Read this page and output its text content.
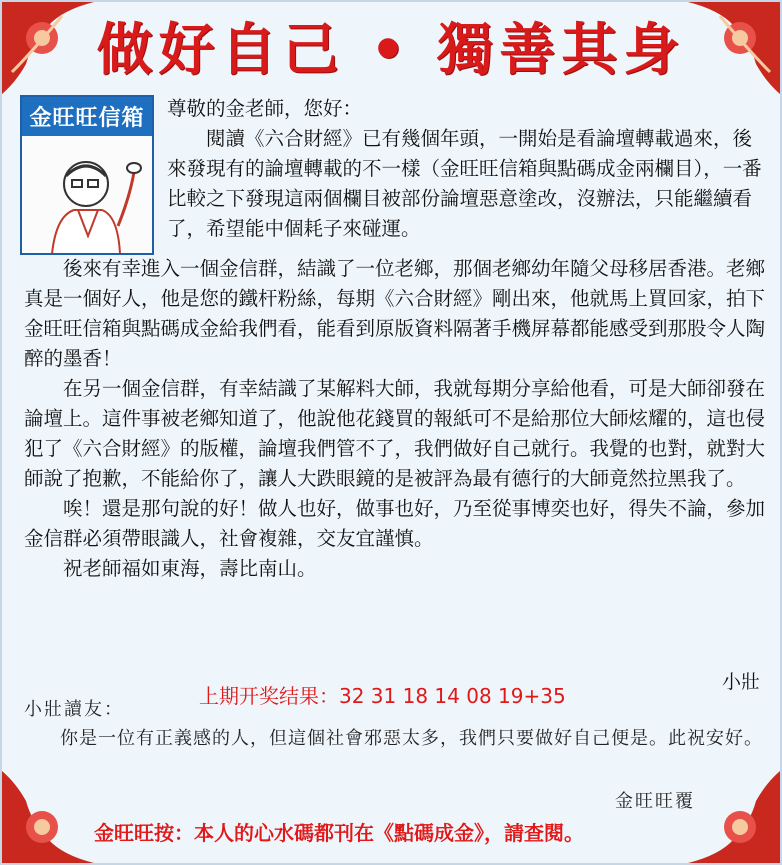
做好自己 • 獨善其身
金旺旺信箱	尊敬的金老師，您好：

閱讀《六合財經》已有幾個年頭，一開始是看論壇轉載過來，後來發現有的論壇轉載的不一樣（金旺旺信箱與點碼成金兩欄目），一番比較之下發現這兩個欄目被部份論壇惡意塗改，沒辦法，只能繼續看了，希望能中個耗子來碰運。

後來有幸進入一個金信群，結識了一位老鄉，那個老鄉幼年隨父母移居香港。老鄉真是一個好人，他是您的鐵杆粉絲，每期《六合財經》剛出來，他就馬上買回家，拍下金旺旺信箱與點碼成金給我們看，能看到原版資料隔著手機屏幕都能感受到那股令人陶醉的墨香！

在另一個金信群，有幸結識了某解料大師，我就每期分享給他看，可是大師卻發在論壇上。這件事被老鄉知道了，他說他花錢買的報紙可不是給那位大師炫耀的，這也侵犯了《六合財經》的版權，論壇我們管不了，我們做好自己就行。我覺的也對，就對大師說了抱歉，不能給你了，讓人大跌眼鏡的是被評為最有德行的大師竟然拉黑我了。

唉！還是那句說的好！做人也好，做事也好，乃至從事博奕也好，得失不論，參加金信群必須帶眼識人，社會複雜，交友宜謹慎。

祝老師福如東海，壽比南山。

小壯
上期开奖结果：32 31 18 14 08 19+35
小壯讀友：

你是一位有正義感的人，但這個社會邪惡太多，我們只要做好自己便是。此祝安好。

金旺旺覆
金旺旺按：本人的心水碼都刊在《點碼成金》，請查閱。
